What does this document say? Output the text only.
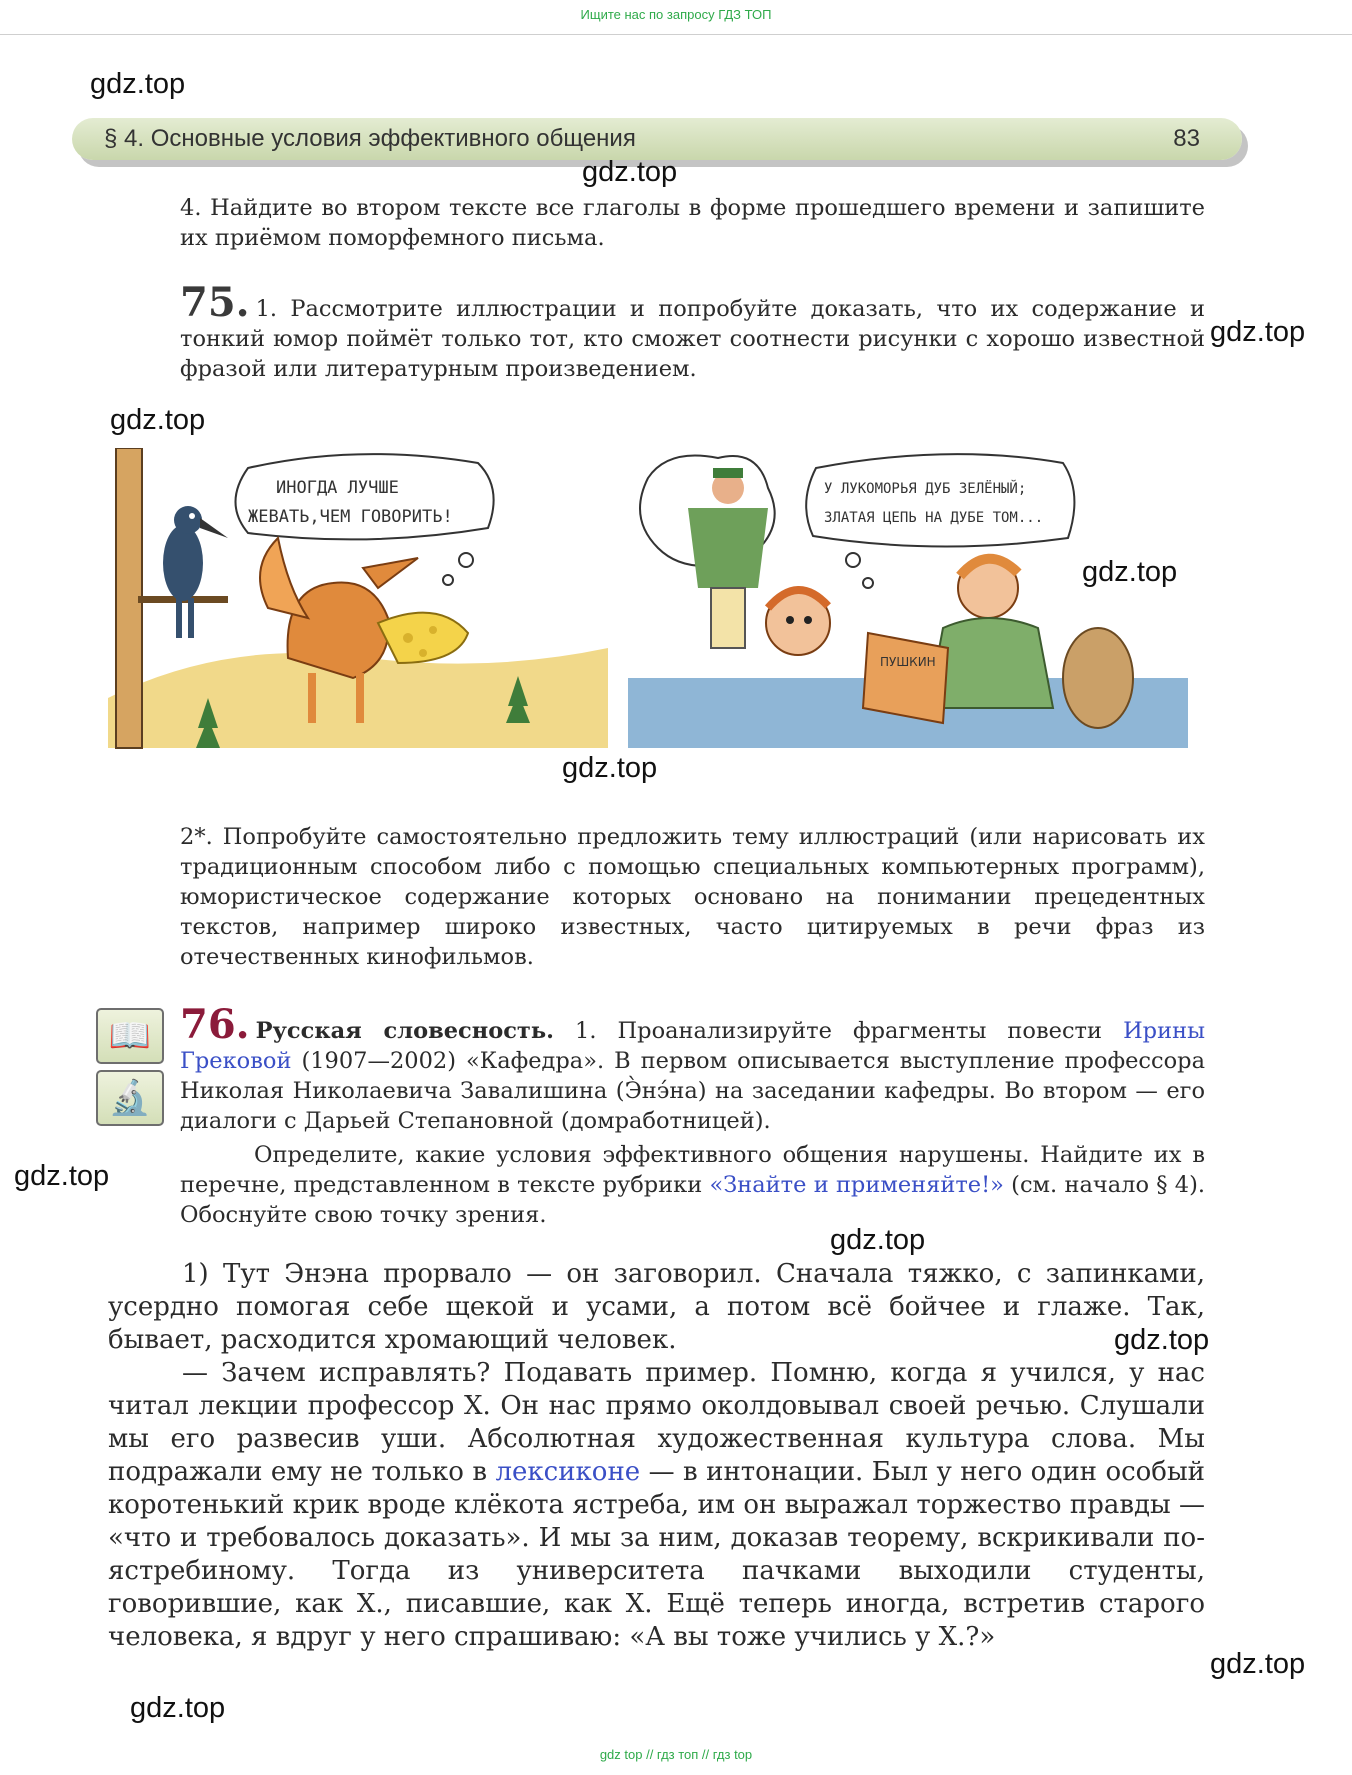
Ищите нас по запросу ГДЗ ТОП
§ 4. Основные условия эффективного общения	83

4. Найдите во втором тексте все глаголы в форме прошедшего времени и запишите их приёмом поморфемного письма.

75. 1. Рассмотрите иллюстрации и попробуйте доказать, что их содержание и тонкий юмор поймёт только тот, кто сможет соотнести рисунки с хорошо известной фразой или литературным произведением.

ИНОГДА ЛУЧШЕ
ЖЕВАТЬ,ЧЕМ ГОВОРИТЬ!
У ЛУКОМОРЬЯ ДУБ ЗЕЛЁНЫЙ;
ЗЛАТАЯ ЦЕПЬ НА ДУБЕ ТОМ...
ПУШКИН

2*. Попробуйте самостоятельно предложить тему иллюстраций (или нарисовать их традиционным способом либо с помощью специальных компьютерных программ), юмористическое содержание которых основано на понимании прецедентных текстов, например широко известных, часто цитируемых в речи фраз из отечественных кинофильмов.

📖
🔬

76. Русская словесность. 1. Проанализируйте фрагменты повести Ирины Грековой (1907—2002) «Кафедра». В первом описывается выступление профессора Николая Николаевича Завалишина (Э̀нэ́на) на заседании кафедры. Во втором — его диалоги с Дарьей Степановной (домработницей).

Определите, какие условия эффективного общения нарушены. Найдите их в перечне, представленном в тексте рубрики «Знайте и применяйте!» (см. начало § 4). Обоснуйте свою точку зрения.

1) Тут Энэна прорвало — он заговорил. Сначала тяжко, с запинками, усердно помогая себе щекой и усами, а потом всё бойчее и глаже. Так, бывает, расходится хромающий человек.

— Зачем исправлять? Подавать пример. Помню, когда я учился, у нас читал лекции профессор Х. Он нас прямо околдовывал своей речью. Слушали мы его развесив уши. Абсолютная художественная культура слова. Мы подражали ему не только в лексиконе — в интонации. Был у него один особый коротенький крик вроде клёкота ястреба, им он выражал торжество правды — «что и требовалось доказать». И мы за ним, доказав теорему, вскрикивали по-ястребиному. Тогда из университета пачками выходили студенты, говорившие, как Х., писавшие, как Х. Ещё теперь иногда, встретив старого человека, я вдруг у него спрашиваю: «А вы тоже учились у Х.?»

gdz.top
gdz.top
gdz.top
gdz.top
gdz.top
gdz.top
gdz.top
gdz.top
gdz.top
gdz.top
gdz.top
gdz top // гдз топ // гдз top
